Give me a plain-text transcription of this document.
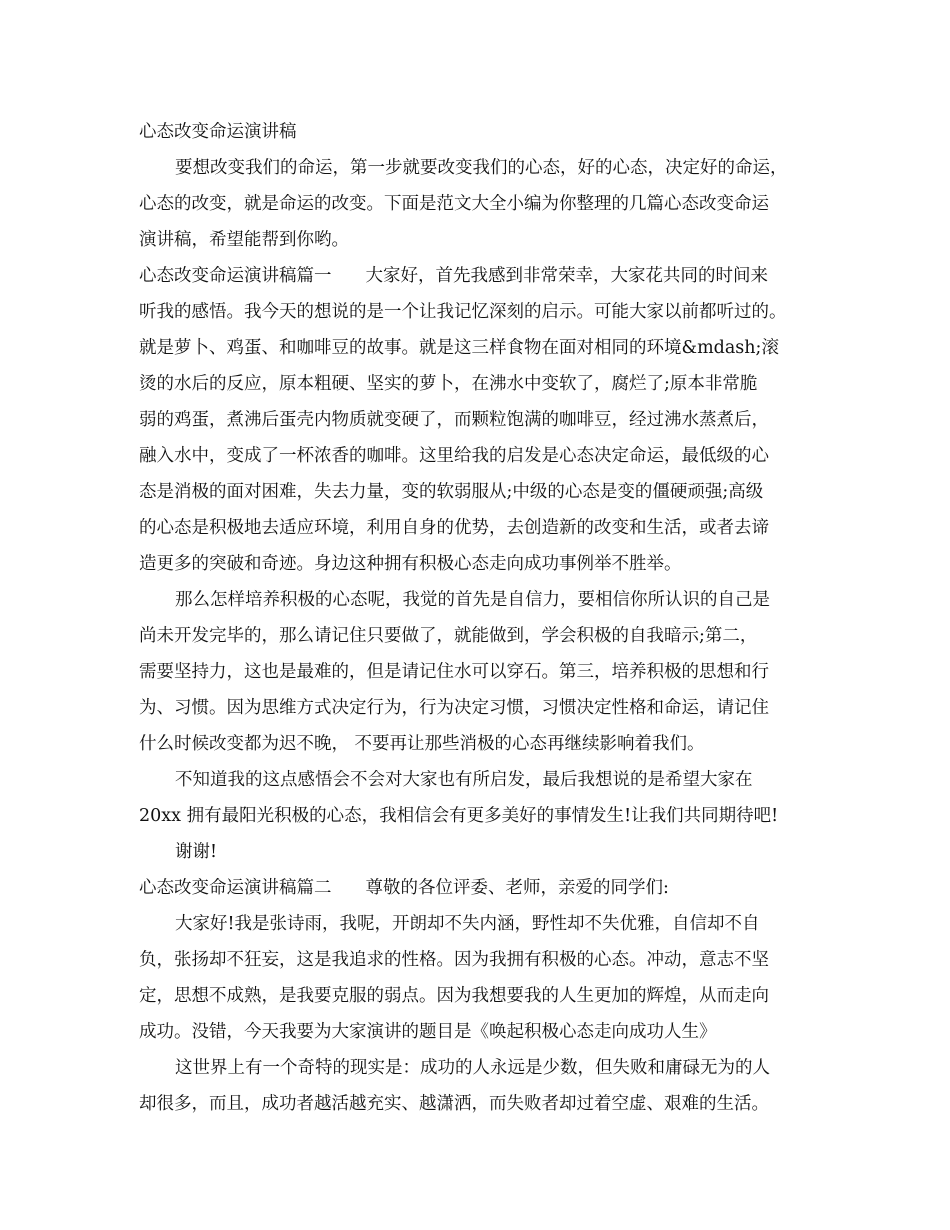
心态改变命运演讲稿
要想改变我们的命运，第一步就要改变我们的心态，好的心态，决定好的命运，
心态的改变，就是命运的改变。下面是范文大全小编为你整理的几篇心态改变命运
演讲稿，希望能帮到你哟。
心态改变命运演讲稿篇一 大家好，首先我感到非常荣幸，大家花共同的时间来
听我的感悟。我今天的想说的是一个让我记忆深刻的启示。可能大家以前都听过的。
就是萝卜、鸡蛋、和咖啡豆的故事。就是这三样食物在面对相同的环境&mdash;滚
烫的水后的反应，原本粗硬、坚实的萝卜，在沸水中变软了，腐烂了;原本非常脆
弱的鸡蛋，煮沸后蛋壳内物质就变硬了，而颗粒饱满的咖啡豆，经过沸水蒸煮后，
融入水中，变成了一杯浓香的咖啡。这里给我的启发是心态决定命运，最低级的心
态是消极的面对困难，失去力量，变的软弱服从;中级的心态是变的僵硬顽强;高级
的心态是积极地去适应环境，利用自身的优势，去创造新的改变和生活，或者去谛
造更多的突破和奇迹。身边这种拥有积极心态走向成功事例举不胜举。
那么怎样培养积极的心态呢，我觉的首先是自信力，要相信你所认识的自己是
尚未开发完毕的，那么请记住只要做了，就能做到，学会积极的自我暗示;第二，
需要坚持力，这也是最难的，但是请记住水可以穿石。第三，培养积极的思想和行
为、习惯。因为思维方式决定行为，行为决定习惯，习惯决定性格和命运，请记住
什么时候改变都为迟不晚， 不要再让那些消极的心态再继续影响着我们。
不知道我的这点感悟会不会对大家也有所启发，最后我想说的是希望大家在
20xx 拥有最阳光积极的心态，我相信会有更多美好的事情发生!让我们共同期待吧!
谢谢!
心态改变命运演讲稿篇二 尊敬的各位评委、老师，亲爱的同学们:
大家好!我是张诗雨，我呢，开朗却不失内涵，野性却不失优雅，自信却不自
负，张扬却不狂妄，这是我追求的性格。因为我拥有积极的心态。冲动，意志不坚
定，思想不成熟，是我要克服的弱点。因为我想要我的人生更加的辉煌，从而走向
成功。没错，今天我要为大家演讲的题目是《唤起积极心态走向成功人生》
这世界上有一个奇特的现实是：成功的人永远是少数，但失败和庸碌无为的人
却很多，而且，成功者越活越充实、越潇洒，而失败者却过着空虚、艰难的生活。
